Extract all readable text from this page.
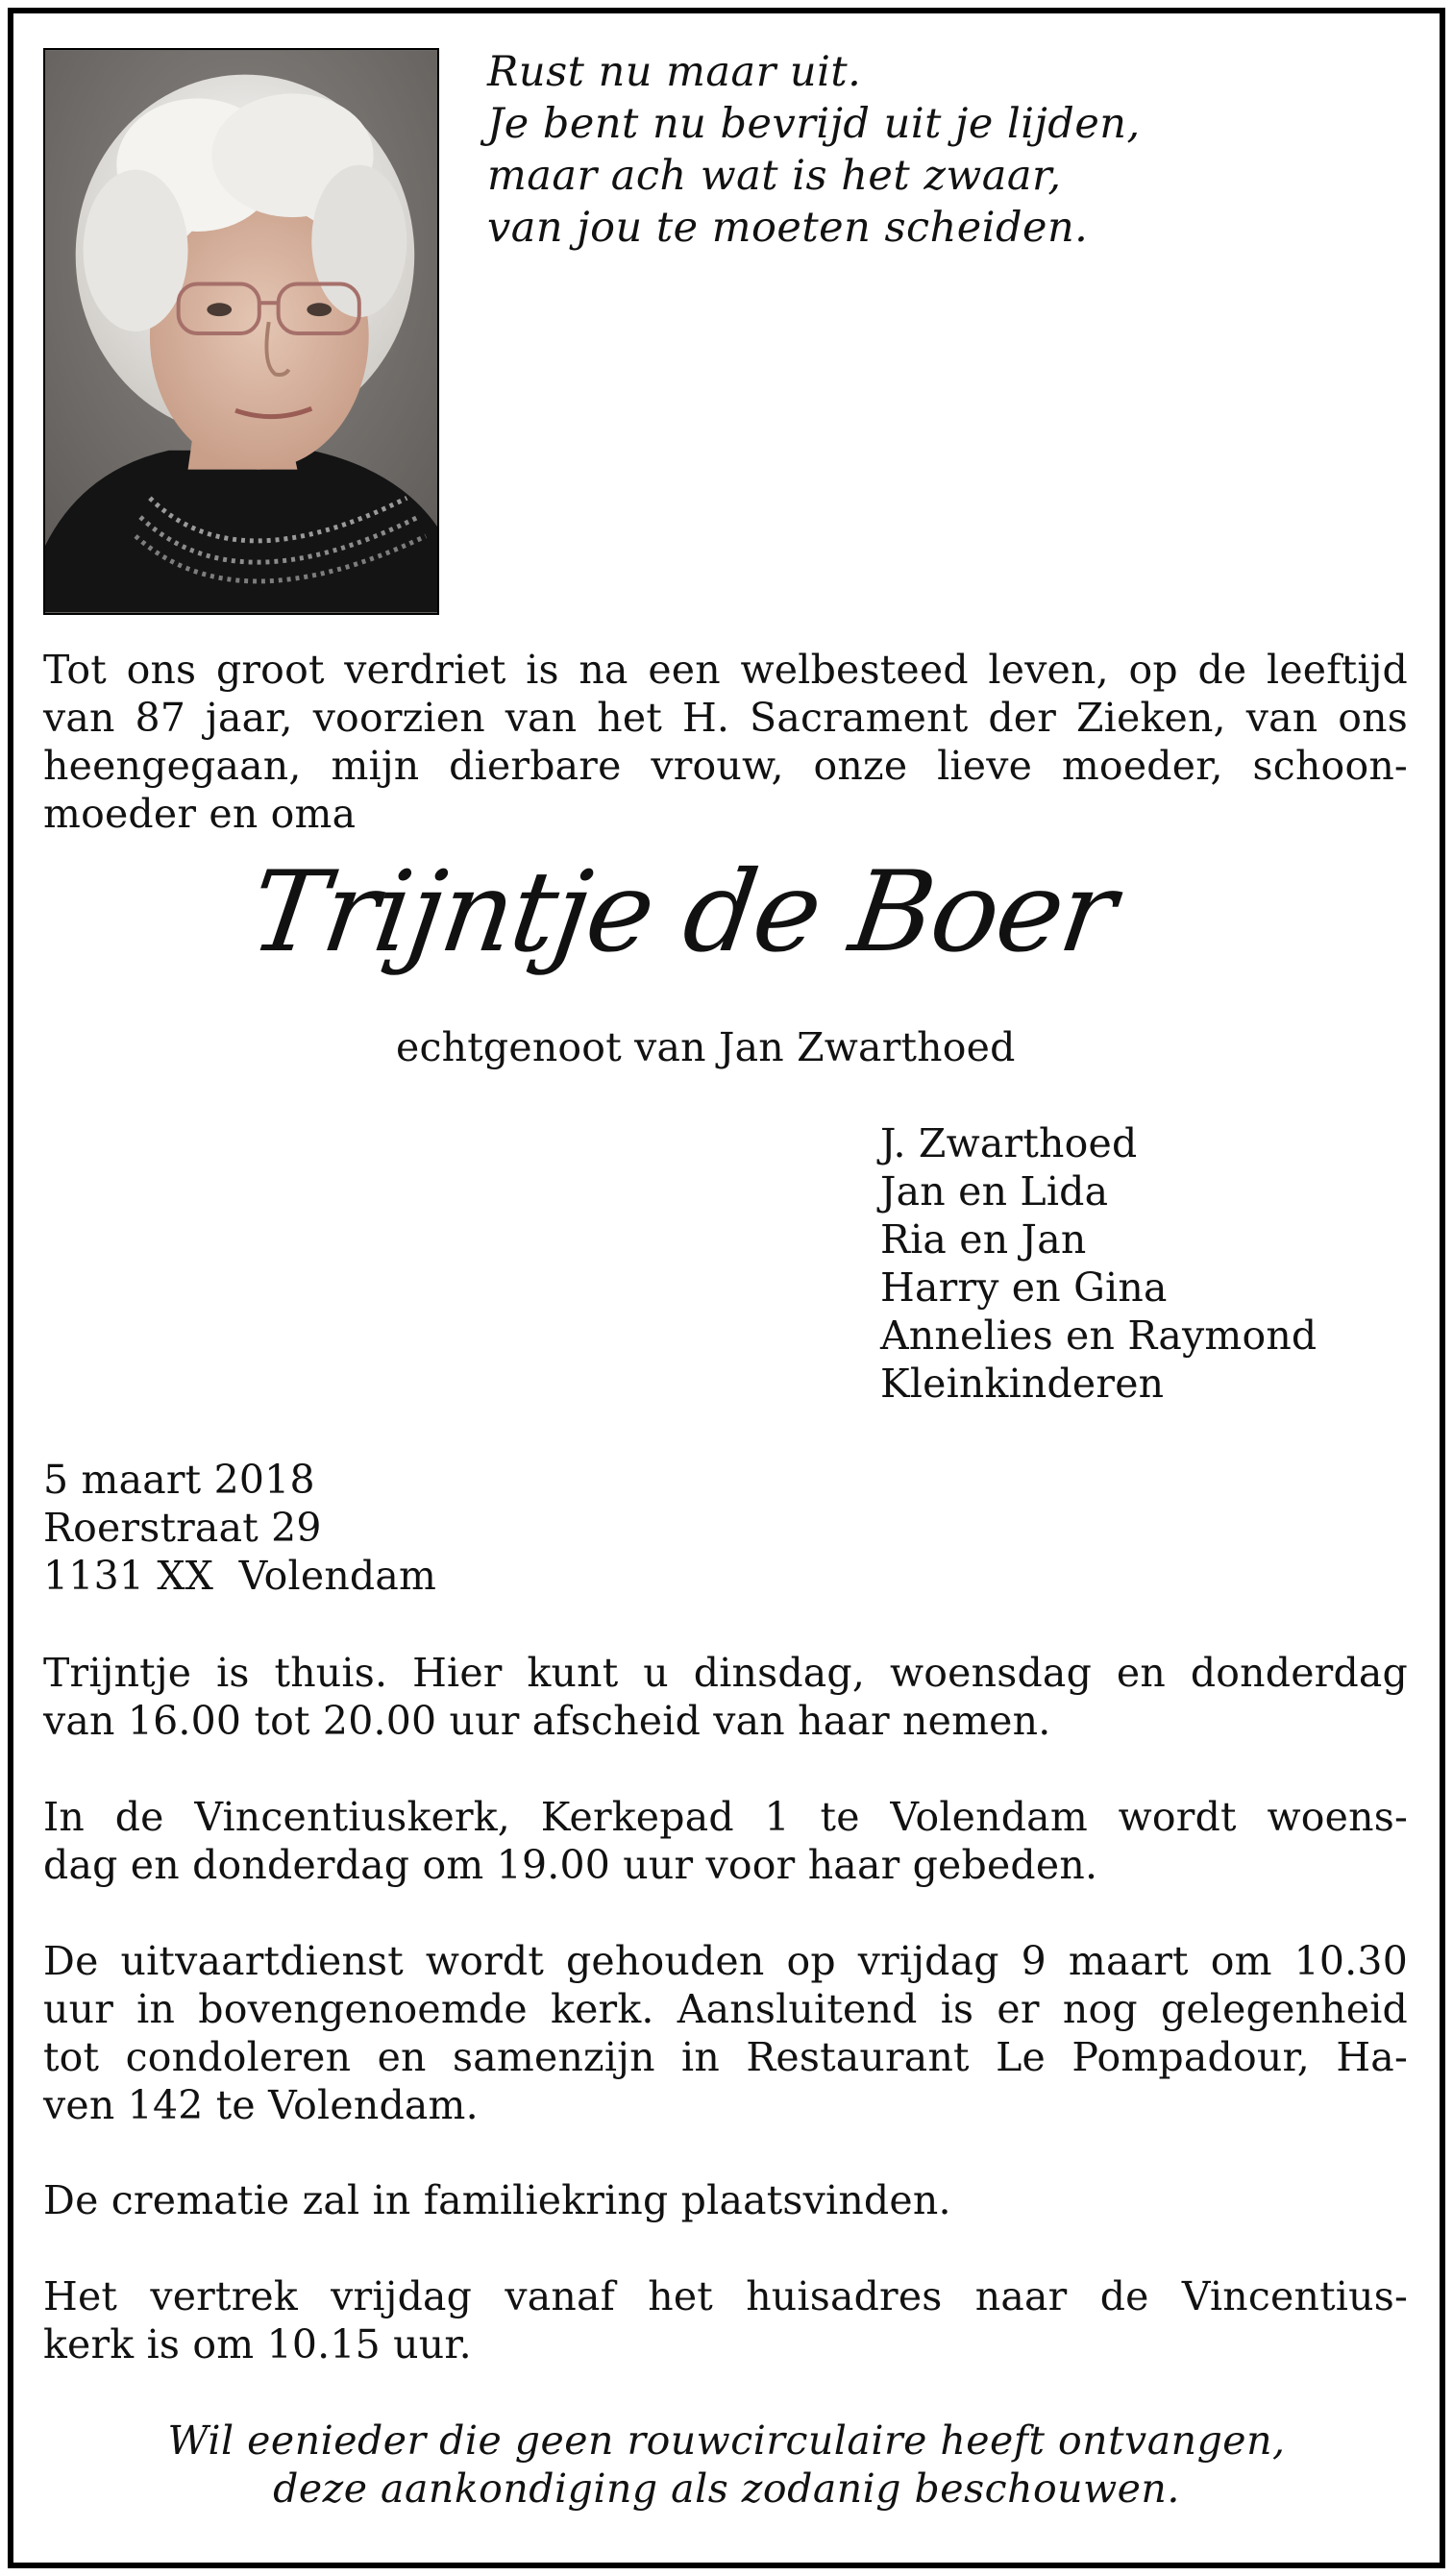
Rust nu maar uit.
Je bent nu bevrijd uit je lijden,
maar ach wat is het zwaar,
van jou te moeten scheiden.
Tot ons groot verdriet is na een welbesteed leven, op de leeftijd
van 87 jaar, voorzien van het H. Sacrament der Zieken, van ons
heengegaan, mijn dierbare vrouw, onze lieve moeder, schoon-
moeder en oma
Trijntje de Boer
echtgenoot van Jan Zwarthoed
J. Zwarthoed
Jan en Lida
Ria en Jan
Harry en Gina
Annelies en Raymond
Kleinkinderen
5 maart 2018
Roerstraat 29
1131 XX  Volendam
Trijntje is thuis. Hier kunt u dinsdag, woensdag en donderdag
van 16.00 tot 20.00 uur afscheid van haar nemen.
In de Vincentiuskerk, Kerkepad 1 te Volendam wordt woens-
dag en donderdag om 19.00 uur voor haar gebeden.
De uitvaartdienst wordt gehouden op vrijdag 9 maart om 10.30
uur in bovengenoemde kerk. Aansluitend is er nog gelegenheid
tot condoleren en samenzijn in Restaurant Le Pompadour, Ha-
ven 142 te Volendam.
De crematie zal in familiekring plaatsvinden.
Het vertrek vrijdag vanaf het huisadres naar de Vincentius-
kerk is om 10.15 uur.
Wil eenieder die geen rouwcirculaire heeft ontvangen,
deze aankondiging als zodanig beschouwen.
